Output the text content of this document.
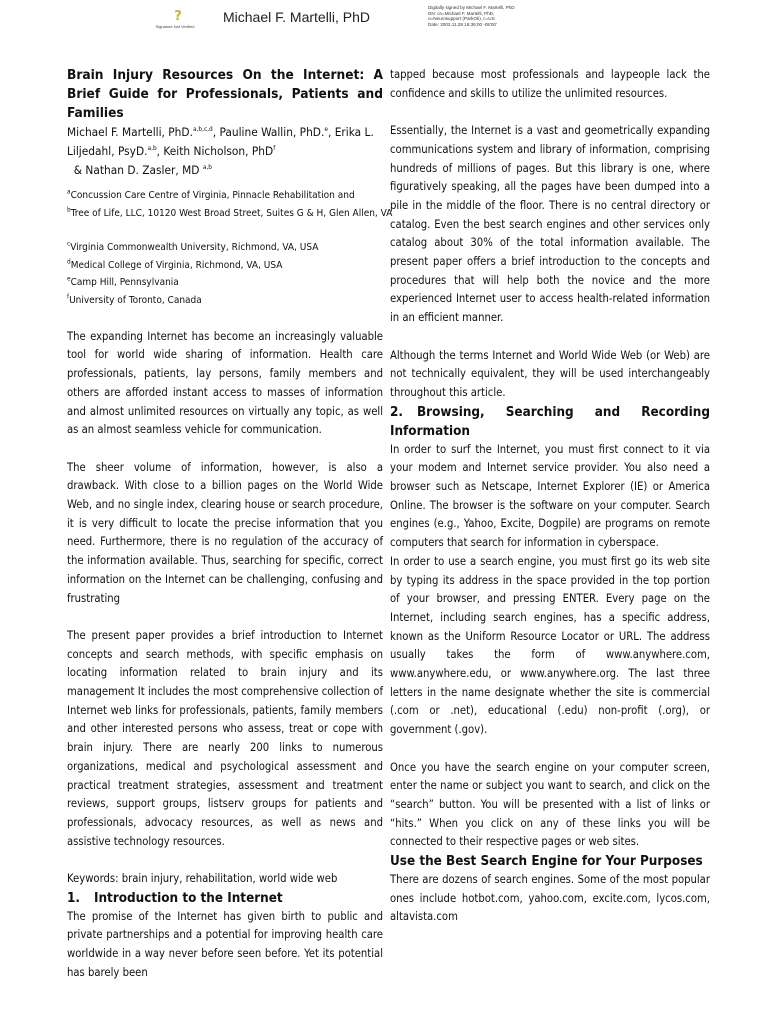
?
Signature Not Verified
Michael F. Martelli, PhD
Digitally signed by Michael F. Martelli, PhD
DN: cn=Michael F. Martelli, PhD,
o=Neurosupport (ParkOk), c=US
Date: 2002.11.28 16:36:00 -05'00'

Brain Injury Resources On the Internet: A Brief Guide for Professionals, Patients and Families

Michael F. Martelli, PhD.$^{a,b,c,d}$, Pauline Wallin, PhD.$^e$, Erika L. Liljedahl, PsyD.$^{a,b}$, Keith Nicholson, PhD$^f$  & Nathan D. Zasler, MD $^{a,b}$

$^a$Concussion Care Centre of Virginia, Pinnacle Rehabilitation and

$^b$Tree of Life, LLC, 10120 West Broad Street, Suites G & H, Glen Allen, VA

$^c$Virginia Commonwealth University, Richmond, VA, USA

$^d$Medical College of Virginia, Richmond, VA, USA

$^e$Camp Hill, Pennsylvania

$^f$University of Toronto, Canada

The expanding Internet has become an increasingly valuable tool for world wide sharing of information. Health care professionals, patients, lay persons, family members and others are afforded instant access to masses of information and almost unlimited resources on virtually any topic, as well as an almost seamless vehicle for communication.

The sheer volume of information, however, is also a drawback. With close to a billion pages on the World Wide Web, and no single index, clearing house or search procedure, it is very difficult to locate the precise information that you need. Furthermore, there is no regulation of the accuracy of the information available. Thus, searching for specific, correct information on the Internet can be challenging, confusing and frustrating

The present paper provides a brief introduction to Internet concepts and search methods, with specific emphasis on locating information related to brain injury and its management It includes the most comprehensive collection of Internet web links for professionals, patients, family members and other interested persons who assess, treat or cope with brain injury. There are nearly 200 links to numerous organizations, medical and psychological assessment and practical treatment strategies, assessment and treatment reviews, support groups, listserv groups for patients and professionals, advocacy resources, as well as news and assistive technology resources.

Keywords: brain injury, rehabilitation, world wide web

1. Introduction to the Internet

The promise of the Internet has given birth to public and private partnerships and a potential for improving health care worldwide in a way never before seen before. Yet its potential has barely been

tapped because most professionals and laypeople lack the confidence and skills to utilize the unlimited resources.

Essentially, the Internet is a vast and geometrically expanding communications system and library of information, comprising hundreds of millions of pages. But this library is one, where figuratively speaking, all the pages have been dumped into a pile in the middle of the floor. There is no central directory or catalog. Even the best search engines and other services only catalog about 30% of the total information available. The present paper offers a brief introduction to the concepts and procedures that will help both the novice and the more experienced Internet user to access health-related information in an efficient manner.

Although the terms Internet and World Wide Web (or Web) are not technically equivalent, they will be used interchangeably throughout this article.

2. Browsing, Searching and Recording Information

In order to surf the Internet, you must first connect to it via your modem and Internet service provider. You also need a browser such as Netscape, Internet Explorer (IE) or America Online. The browser is the software on your computer. Search engines (e.g., Yahoo, Excite, Dogpile) are programs on remote computers that search for information in cyberspace.

In order to use a search engine, you must first go its web site by typing its address in the space provided in the top portion of your browser, and pressing ENTER. Every page on the Internet, including search engines, has a specific address, known as the Uniform Resource Locator or URL. The address usually takes the form of www.anywhere.com, www.anywhere.edu, or www.anywhere.org. The last three letters in the name designate whether the site is commercial (.com or .net), educational (.edu) non-profit (.org), or government (.gov).

Once you have the search engine on your computer screen, enter the name or subject you want to search, and click on the “search” button. You will be presented with a list of links or “hits.” When you click on any of these links you will be connected to their respective pages or web sites.

Use the Best Search Engine for Your Purposes

There are dozens of search engines. Some of the most popular ones include hotbot.com, yahoo.com, excite.com, lycos.com, altavista.com
